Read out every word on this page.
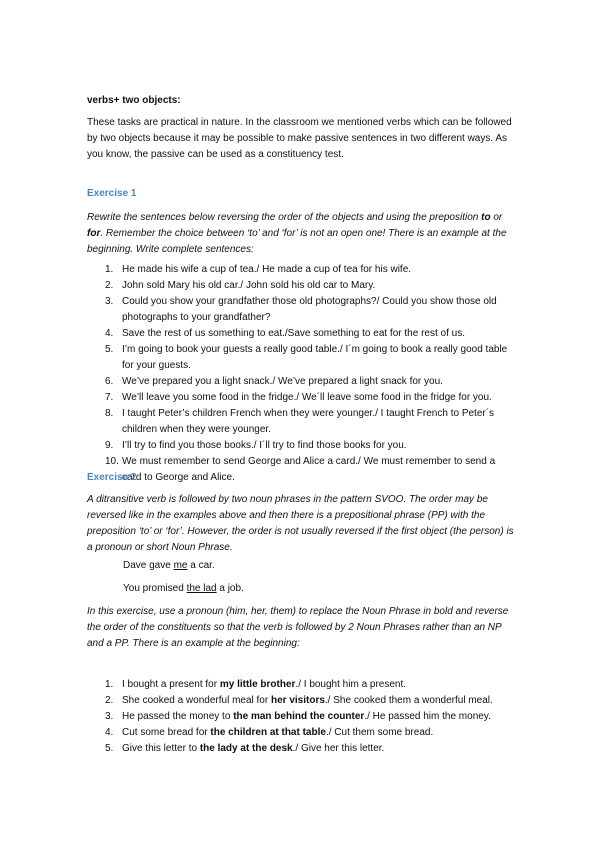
verbs+ two objects:
These tasks are practical in nature. In the classroom we mentioned verbs which can be followed by two objects because it may be possible to make passive sentences in two different ways. As you know, the passive can be used as a constituency test.
Exercise 1
Rewrite the sentences below reversing the order of the objects and using the preposition to or for. Remember the choice between ‘to’ and ‘for’ is not an open one! There is an example at the beginning. Write complete sentences:
1. He made his wife a cup of tea./ He made a cup of tea for his wife.
2. John sold Mary his old car./ John sold his old car to Mary.
3. Could you show your grandfather those old photographs?/ Could you show those old photographs to your grandfather?
4. Save the rest of us something to eat./Save something to eat for the rest of us.
5. I’m going to book your guests a really good table./ I´m going to book a really good table for your guests.
6. We’ve prepared you a light snack./ We’ve prepared a light snack for you.
7. We’ll leave you some food in the fridge./ We´ll leave some food in the fridge for you.
8. I taught Peter’s children French when they were younger./ I taught French to Peter´s children when they were younger.
9. I’ll try to find you those books./ I´ll try to find those books for you.
10. We must remember to send George and Alice a card./ We must remember to send a card to George and Alice.
Exercise 2
A ditransitive verb is followed by two noun phrases in the pattern SVOO. The order may be reversed like in the examples above and then there is a prepositional phrase (PP) with the preposition ‘to’ or ‘for’. However, the order is not usually reversed if the first object (the person) is a pronoun or short Noun Phrase.
Dave gave me a car.
You promised the lad a job.
In this exercise, use a pronoun (him, her, them) to replace the Noun Phrase in bold and reverse the order of the constituents so that the verb is followed by 2 Noun Phrases rather than an NP and a PP. There is an example at the beginning:
1. I bought a present for my little brother./ I bought him a present.
2. She cooked a wonderful meal for her visitors./ She cooked them a wonderful meal.
3. He passed the money to the man behind the counter./ He passed him the money.
4. Cut some bread for the children at that table./ Cut them some bread.
5. Give this letter to the lady at the desk./ Give her this letter.
